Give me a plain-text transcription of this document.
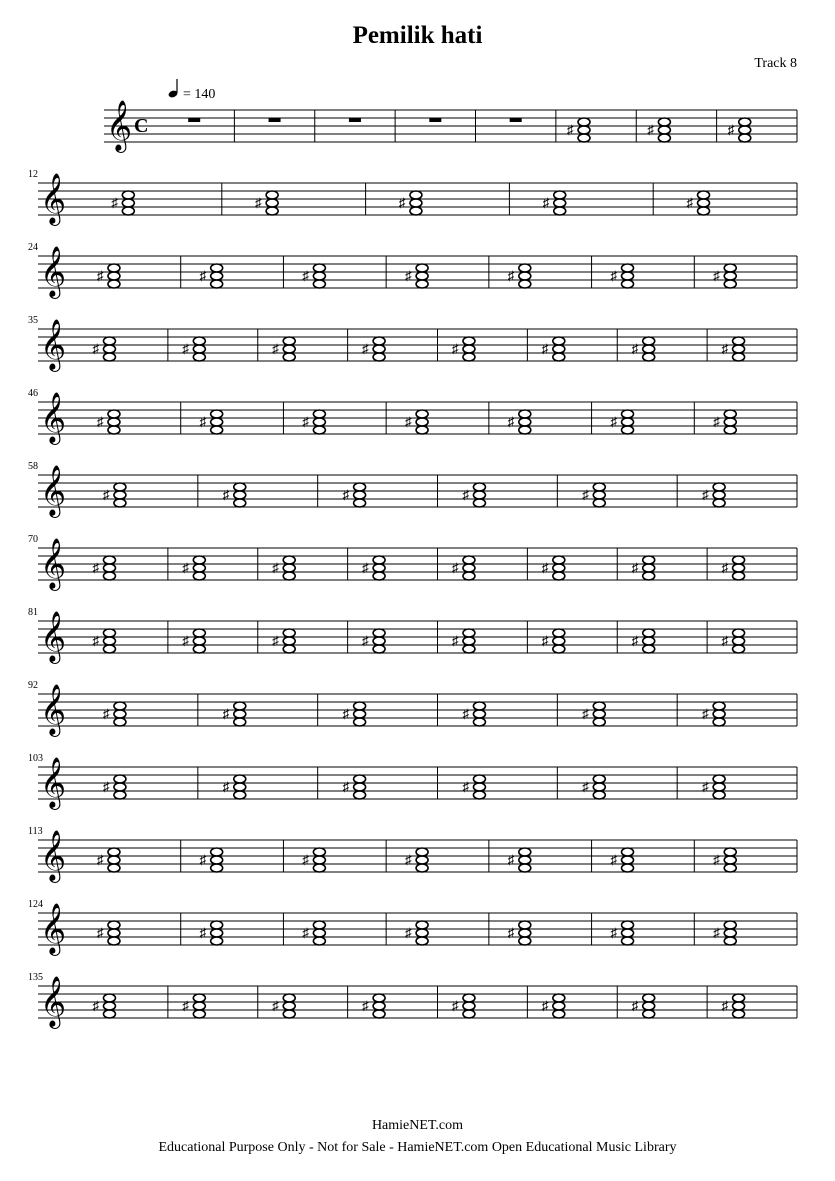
Pemilik hati
Track 8
= 140
𝄞 C	♯	♯	♯
𝄞
12
♯	♯	♯	♯	♯
𝄞
24
♯	♯	♯	♯	♯	♯	♯
𝄞
35
♯	♯	♯	♯	♯	♯	♯	♯
𝄞
46
♯	♯	♯	♯	♯	♯	♯
𝄞
58
♯	♯	♯	♯	♯	♯
𝄞
70
♯	♯	♯	♯	♯	♯	♯	♯
𝄞
81
♯	♯	♯	♯	♯	♯	♯	♯
𝄞
92
♯	♯	♯	♯	♯	♯
𝄞
103
♯	♯	♯	♯	♯	♯
𝄞
113
♯	♯	♯	♯	♯	♯	♯
𝄞
124
♯	♯	♯	♯	♯	♯	♯
𝄞
135
♯	♯	♯	♯	♯	♯	♯	♯
HamieNET.com
Educational Purpose Only - Not for Sale - HamieNET.com Open Educational Music Library
